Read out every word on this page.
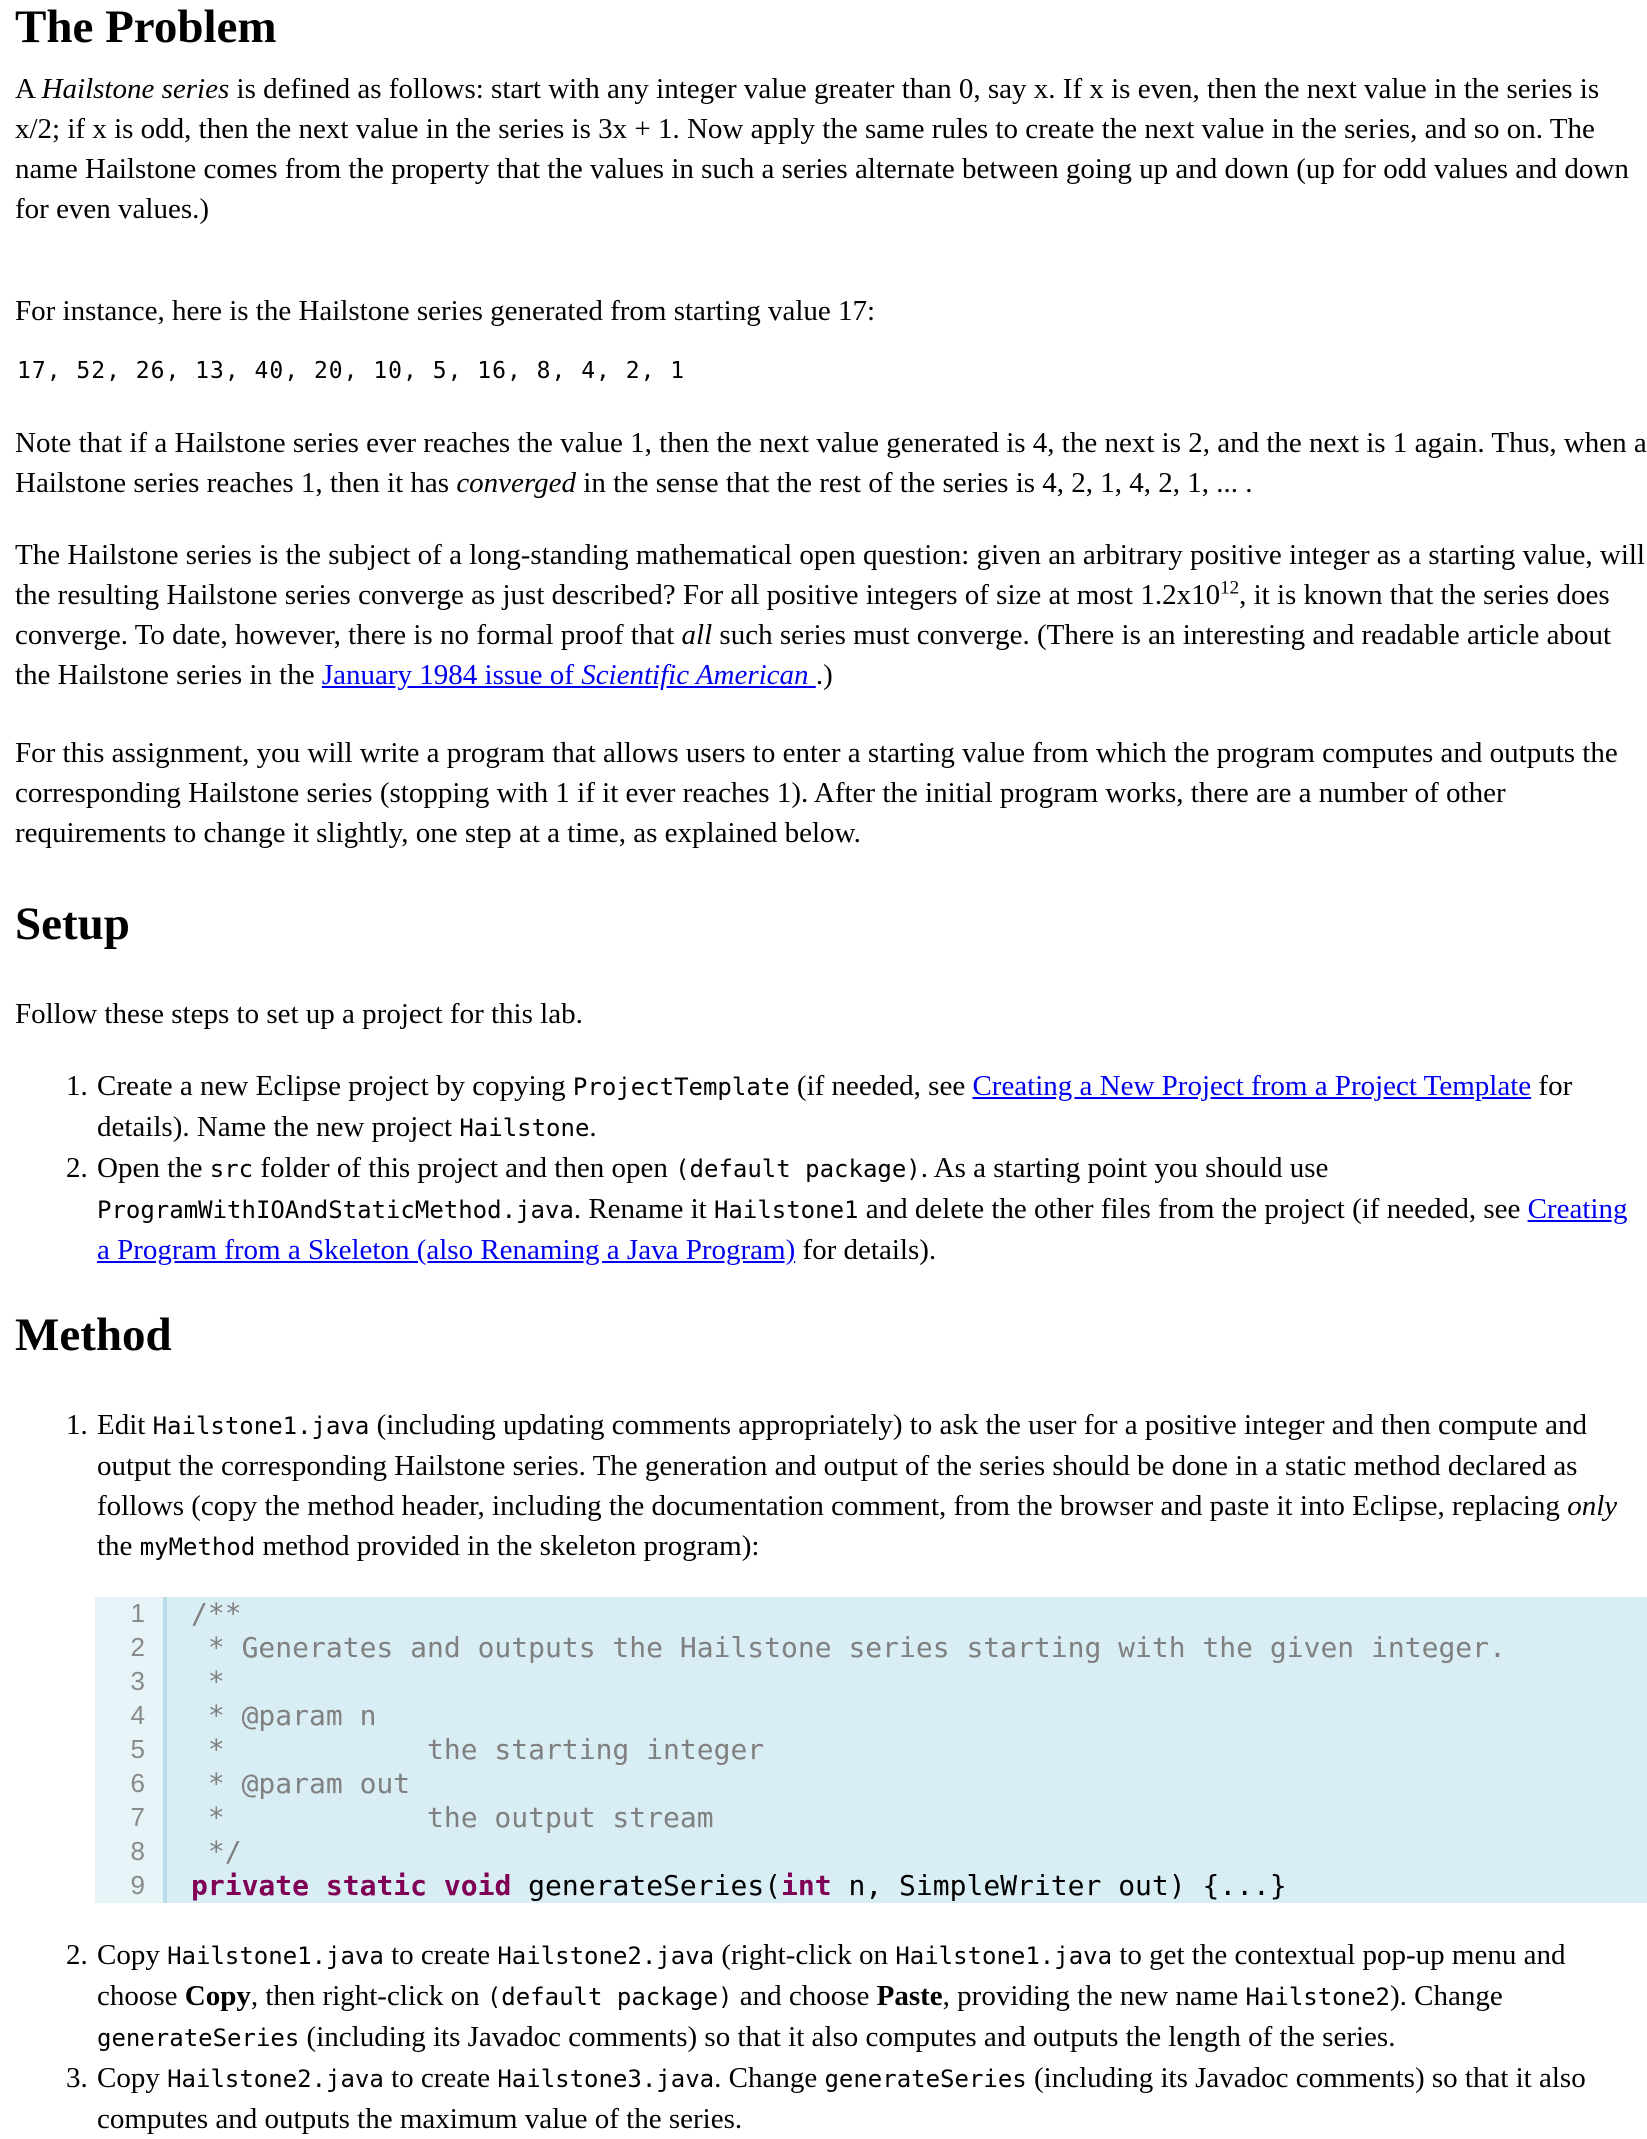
The Problem

A Hailstone series is defined as follows: start with any integer value greater than 0, say x. If x is even, then the next value in the series is x/2; if x is odd, then the next value in the series is 3x + 1. Now apply the same rules to create the next value in the series, and so on. The name Hailstone comes from the property that the values in such a series alternate between going up and down (up for odd values and down for even values.)

For instance, here is the Hailstone series generated from starting value 17:

17, 52, 26, 13, 40, 20, 10, 5, 16, 8, 4, 2, 1

Note that if a Hailstone series ever reaches the value 1, then the next value generated is 4, the next is 2, and the next is 1 again. Thus, when a Hailstone series reaches 1, then it has converged in the sense that the rest of the series is 4, 2, 1, 4, 2, 1, ... .

The Hailstone series is the subject of a long-standing mathematical open question: given an arbitrary positive integer as a starting value, will the resulting Hailstone series converge as just described? For all positive integers of size at most $1.2x10^{12}$, it is known that the series does converge. To date, however, there is no formal proof that all such series must converge. (There is an interesting and readable article about the Hailstone series in the January 1984 issue of Scientific American .)

For this assignment, you will write a program that allows users to enter a starting value from which the program computes and outputs the corresponding Hailstone series (stopping with 1 if it ever reaches 1). After the initial program works, there are a number of other requirements to change it slightly, one step at a time, as explained below.

Setup

Follow these steps to set up a project for this lab.

1. Create a new Eclipse project by copying ProjectTemplate (if needed, see Creating a New Project from a Project Template for details). Name the new project Hailstone.
2. Open the src folder of this project and then open (default package). As a starting point you should use ProgramWithIOAndStaticMethod.java. Rename it Hailstone1 and delete the other files from the project (if needed, see Creating a Program from a Skeleton (also Renaming a Java Program) for details).
Method
1. Edit Hailstone1.java (including updating comments appropriately) to ask the user for a positive integer and then compute and output the corresponding Hailstone series. The generation and output of the series should be done in a static method declared as follows (copy the method header, including the documentation comment, from the browser and paste it into Eclipse, replacing only the myMethod method provided in the skeleton program):
1
2
3
4
5
6
7
8
9
/**
* Generates and outputs the Hailstone series starting with the given integer.
*
* @param n
*            the starting integer
* @param out
*            the output stream
*/
private static void generateSeries(int n, SimpleWriter out) {...}
2. Copy Hailstone1.java to create Hailstone2.java (right-click on Hailstone1.java to get the contextual pop-up menu and choose Copy, then right-click on (default package) and choose Paste, providing the new name Hailstone2). Change generateSeries (including its Javadoc comments) so that it also computes and outputs the length of the series.
3. Copy Hailstone2.java to create Hailstone3.java. Change generateSeries (including its Javadoc comments) so that it also computes and outputs the maximum value of the series.
